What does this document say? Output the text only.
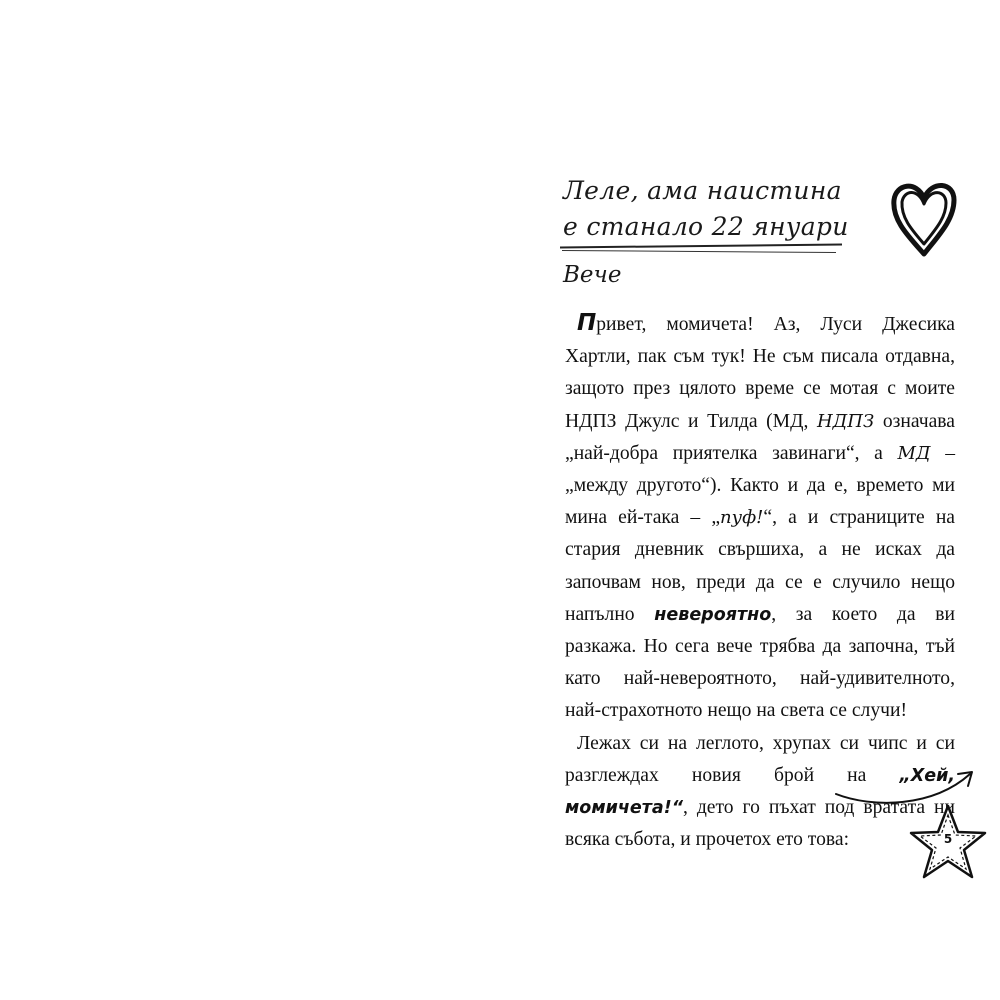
Леле, ама наистина
е станало 22 януари
Вече

Привет, момичета! Аз, Луси Джесика Хартли, пак съм тук! Не съм писала отдавна, защото през цялото време се мотая с моите НДПЗ Джулс и Тилда (МД, НДПЗ означава „най-добра приятелка завинаги“, а МД – „между другото“). Както и да е, времето ми мина ей-така – „пуф!“, а и страниците на стария дневник свършиха, а не исках да започвам нов, преди да се е случило нещо напълно невероятно, за което да ви разкажа. Но сега вече трябва да започна, тъй като най-невероятното, най-удивителното, най-страхотното нещо на света се случи!

Лежах си на леглото, хрупах си чипс и си разглеждах новия брой на „Хей, момичета!“, дето го пъхат под вратата ни всяка събота, и прочетох ето това:	5
